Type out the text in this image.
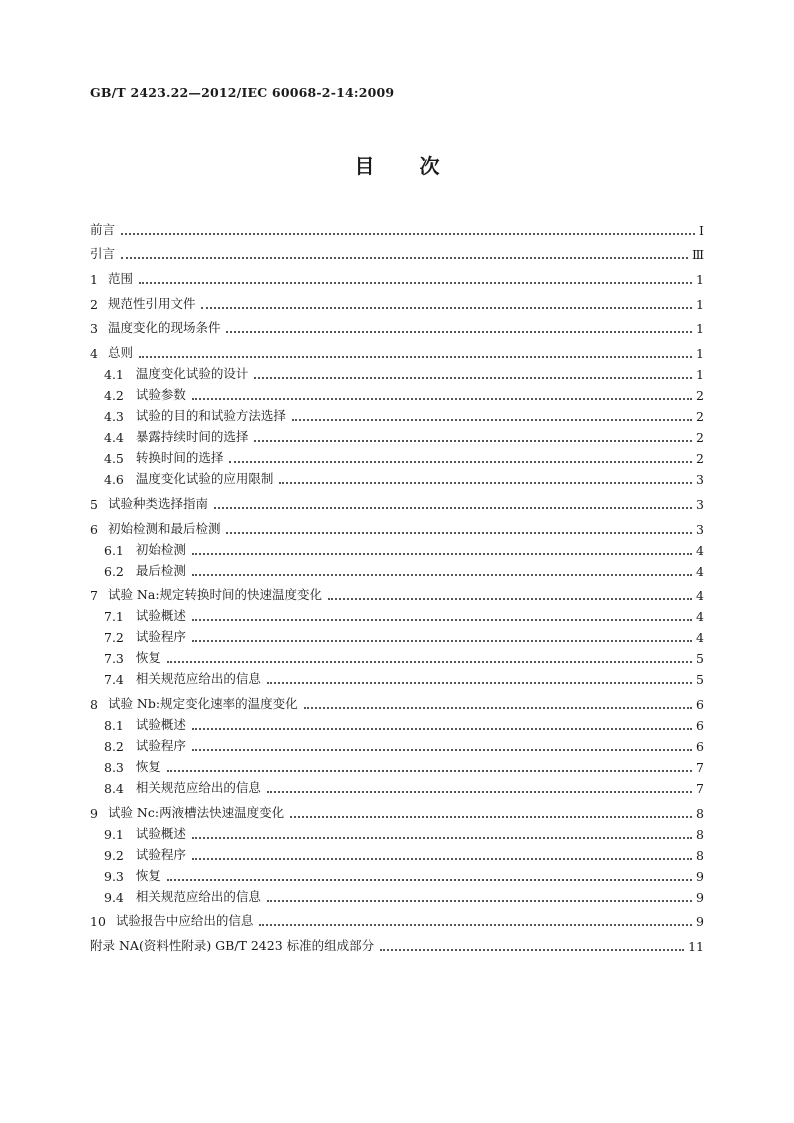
GB/T 2423.22—2012/IEC 60068-2-14:2009
目 次
前言	Ⅰ
引言	Ⅲ
1 范围	1
2 规范性引用文件	1
3 温度变化的现场条件	1
4 总则	1
4.1 温度变化试验的设计	1
4.2 试验参数	2
4.3 试验的目的和试验方法选择	2
4.4 暴露持续时间的选择	2
4.5 转换时间的选择	2
4.6 温度变化试验的应用限制	3
5 试验种类选择指南	3
6 初始检测和最后检测	3
6.1 初始检测	4
6.2 最后检测	4
7 试验 Na:规定转换时间的快速温度变化	4
7.1 试验概述	4
7.2 试验程序	4
7.3 恢复	5
7.4 相关规范应给出的信息	5
8 试验 Nb:规定变化速率的温度变化	6
8.1 试验概述	6
8.2 试验程序	6
8.3 恢复	7
8.4 相关规范应给出的信息	7
9 试验 Nc:两液槽法快速温度变化	8
9.1 试验概述	8
9.2 试验程序	8
9.3 恢复	9
9.4 相关规范应给出的信息	9
10 试验报告中应给出的信息	9
附录 NA(资料性附录) GB/T 2423 标准的组成部分	11
